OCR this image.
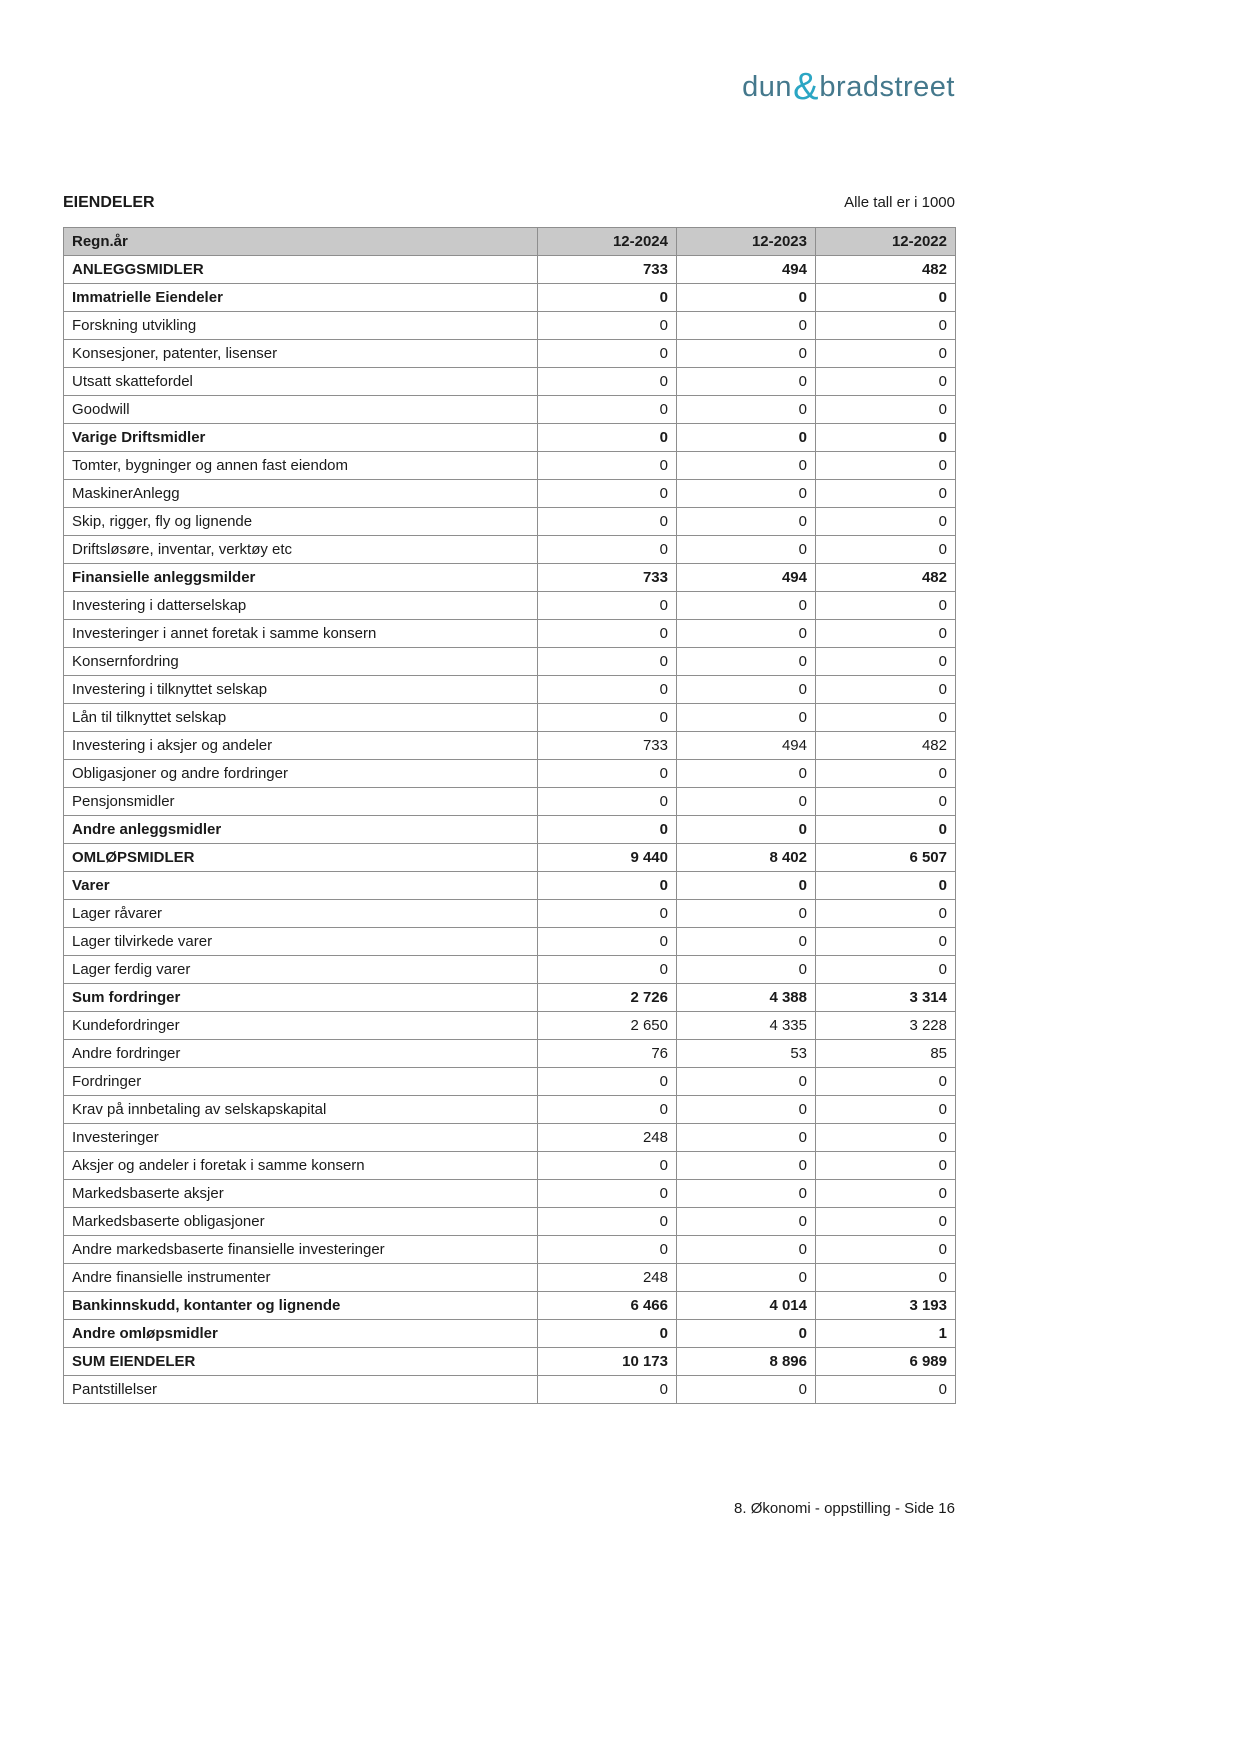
dun&bradstreet
EIENDELER	Alle tall er i 1000
Regn.år	12-2024	12-2023	12-2022
ANLEGGSMIDLER	733	494	482
Immatrielle Eiendeler	0	0	0
Forskning utvikling	0	0	0
Konsesjoner, patenter, lisenser	0	0	0
Utsatt skattefordel	0	0	0
Goodwill	0	0	0
Varige Driftsmidler	0	0	0
Tomter, bygninger og annen fast eiendom	0	0	0
MaskinerAnlegg	0	0	0
Skip, rigger, fly og lignende	0	0	0
Driftsløsøre, inventar, verktøy etc	0	0	0
Finansielle anleggsmilder	733	494	482
Investering i datterselskap	0	0	0
Investeringer i annet foretak i samme konsern	0	0	0
Konsernfordring	0	0	0
Investering i tilknyttet selskap	0	0	0
Lån til tilknyttet selskap	0	0	0
Investering i aksjer og andeler	733	494	482
Obligasjoner og andre fordringer	0	0	0
Pensjonsmidler	0	0	0
Andre anleggsmidler	0	0	0
OMLØPSMIDLER	9 440	8 402	6 507
Varer	0	0	0
Lager råvarer	0	0	0
Lager tilvirkede varer	0	0	0
Lager ferdig varer	0	0	0
Sum fordringer	2 726	4 388	3 314
Kundefordringer	2 650	4 335	3 228
Andre fordringer	76	53	85
Fordringer	0	0	0
Krav på innbetaling av selskapskapital	0	0	0
Investeringer	248	0	0
Aksjer og andeler i foretak i samme konsern	0	0	0
Markedsbaserte aksjer	0	0	0
Markedsbaserte obligasjoner	0	0	0
Andre markedsbaserte finansielle investeringer	0	0	0
Andre finansielle instrumenter	248	0	0
Bankinnskudd, kontanter og lignende	6 466	4 014	3 193
Andre omløpsmidler	0	0	1
SUM EIENDELER	10 173	8 896	6 989
Pantstillelser	0	0	0
8. Økonomi - oppstilling - Side 16
